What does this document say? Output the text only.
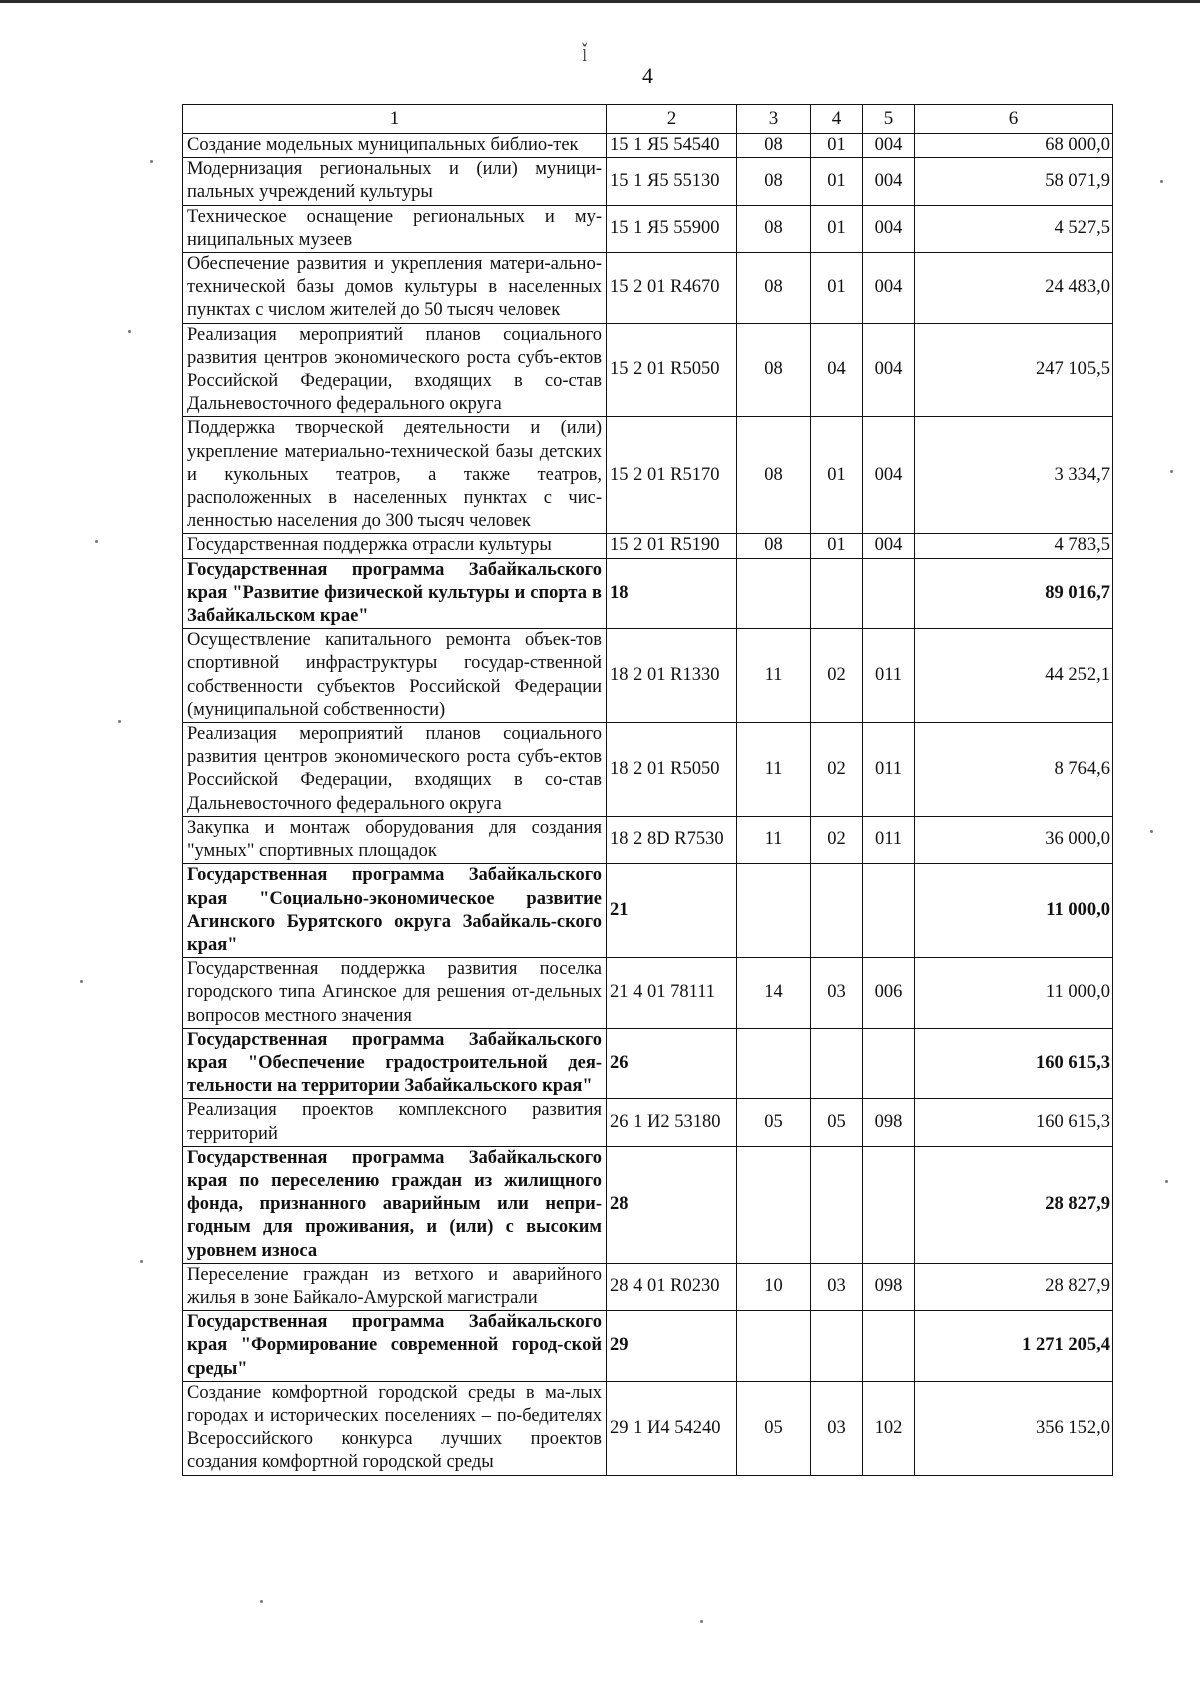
ǐ
4
1	2	3	4	5	6
Создание модельных муниципальных библио-тек	15 1 Я5 54540	08	01	004	68 000,0
Модернизация региональных и (или) муници-пальных учреждений культуры	15 1 Я5 55130	08	01	004	58 071,9
Техническое оснащение региональных и му-ниципальных музеев	15 1 Я5 55900	08	01	004	4 527,5
Обеспечение развития и укрепления матери-ально-технической базы домов культуры в населенных пунктах с числом жителей до 50 тысяч человек	15 2 01 R4670	08	01	004	24 483,0
Реализация мероприятий планов социального развития центров экономического роста субъ-ектов Российской Федерации, входящих в со-став Дальневосточного федерального округа	15 2 01 R5050	08	04	004	247 105,5
Поддержка творческой деятельности и (или) укрепление материально-технической базы детских и кукольных театров, а также театров, расположенных в населенных пунктах с чис-ленностью населения до 300 тысяч человек	15 2 01 R5170	08	01	004	3 334,7
Государственная поддержка отрасли культуры	15 2 01 R5190	08	01	004	4 783,5
Государственная программа Забайкальского края "Развитие физической культуры и спорта в Забайкальском крае"	18				89 016,7
Осуществление капитального ремонта объек-тов спортивной инфраструктуры государ-ственной собственности субъектов Российской Федерации (муниципальной собственности)	18 2 01 R1330	11	02	011	44 252,1
Реализация мероприятий планов социального развития центров экономического роста субъ-ектов Российской Федерации, входящих в со-став Дальневосточного федерального округа	18 2 01 R5050	11	02	011	8 764,6
Закупка и монтаж оборудования для создания "умных" спортивных площадок	18 2 8D R7530	11	02	011	36 000,0
Государственная программа Забайкальского края "Социально-экономическое развитие Агинского Бурятского округа Забайкаль-ского края"	21				11 000,0
Государственная поддержка развития поселка городского типа Агинское для решения от-дельных вопросов местного значения	21 4 01 78111	14	03	006	11 000,0
Государственная программа Забайкальского края "Обеспечение градостроительной дея-тельности на территории Забайкальского края"	26				160 615,3
Реализация проектов комплексного развития территорий	26 1 И2 53180	05	05	098	160 615,3
Государственная программа Забайкальского края по переселению граждан из жилищного фонда, признанного аварийным или непри-годным для проживания, и (или) с высоким уровнем износа	28				28 827,9
Переселение граждан из ветхого и аварийного жилья в зоне Байкало-Амурской магистрали	28 4 01 R0230	10	03	098	28 827,9
Государственная программа Забайкальского края "Формирование современной город-ской среды"	29				1 271 205,4
Создание комфортной городской среды в ма-лых городах и исторических поселениях – по-бедителях Всероссийского конкурса лучших проектов создания комфортной городской среды	29 1 И4 54240	05	03	102	356 152,0
